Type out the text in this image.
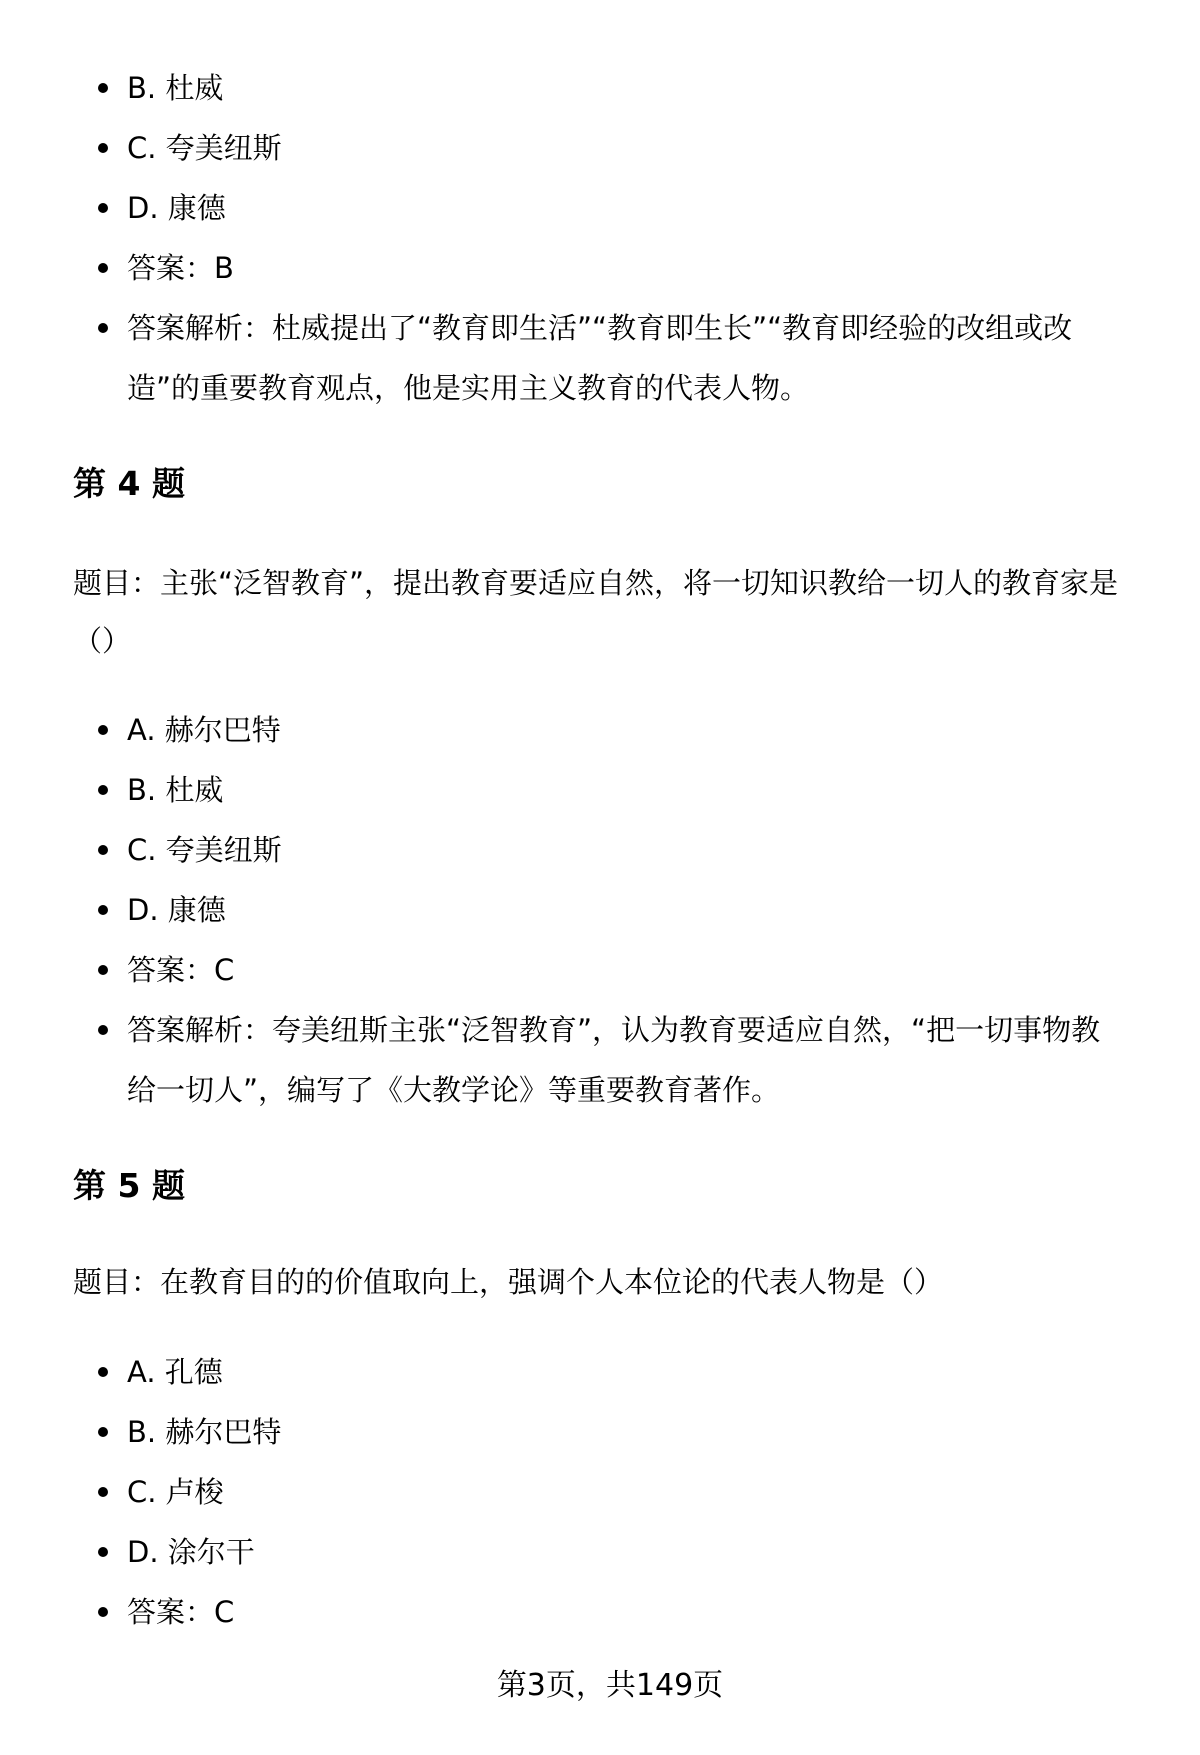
B. 杜威
C. 夸美纽斯
D. 康德
答案：B
答案解析：杜威提出了“教育即生活”“教育即生长”“教育即经验的改组或改造”的重要教育观点，他是实用主义教育的代表人物。
第 4 题

题目：主张“泛智教育”，提出教育要适应自然，将一切知识教给一切人的教育家是（）

A. 赫尔巴特
B. 杜威
C. 夸美纽斯
D. 康德
答案：C
答案解析：夸美纽斯主张“泛智教育”，认为教育要适应自然，“把一切事物教给一切人”，编写了《大教学论》等重要教育著作。
第 5 题

题目：在教育目的的价值取向上，强调个人本位论的代表人物是（）

A. 孔德
B. 赫尔巴特
C. 卢梭
D. 涂尔干
答案：C
第3页，共149页
